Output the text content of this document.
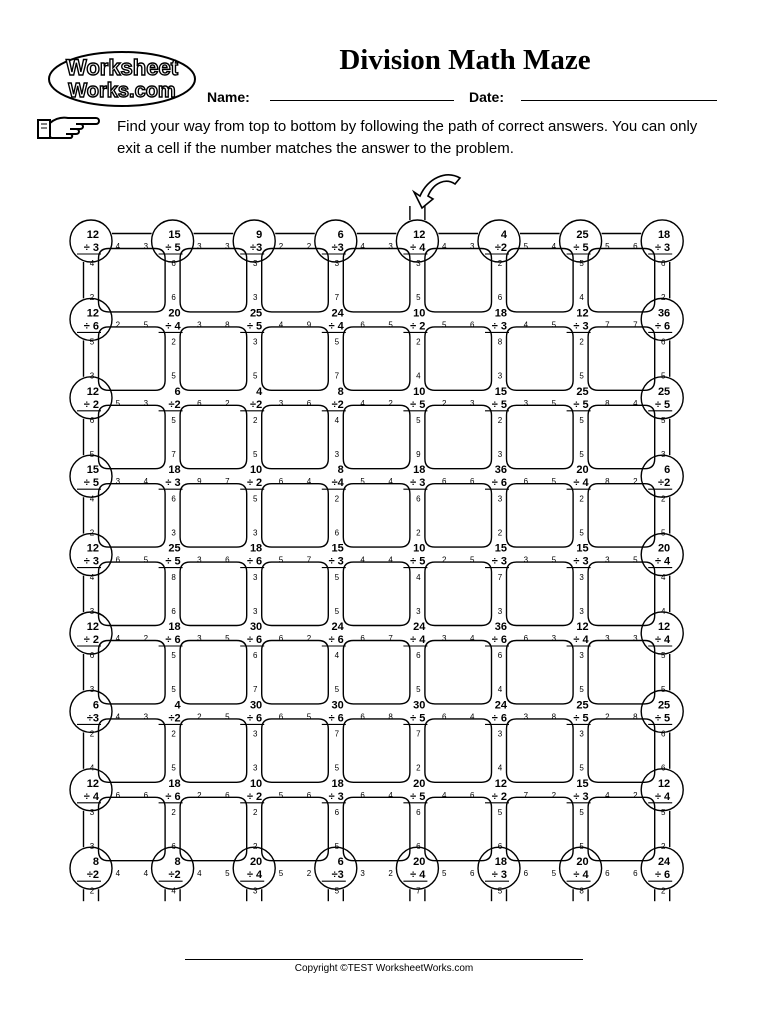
Worksheet
Works.com
Division Math Maze
Name:	Date:
Find your way from top to bottom by following the path of correct answers. You can only exit a cell if the number matches the answer to the problem.
12
÷ 3
15
÷ 5
9
÷3
6
÷3
12
÷ 4
4
÷2
25
÷ 5
18
÷ 3
12
÷ 6
20
÷ 4
25
÷ 5
24
÷ 4
10
÷ 2
18
÷ 3
12
÷ 3
36
÷ 6
12
÷ 2
6
÷2
4
÷2
8
÷2
10
÷ 5
15
÷ 5
25
÷ 5
25
÷ 5
15
÷ 5
18
÷ 3
10
÷ 2
8
÷4
18
÷ 3
36
÷ 6
20
÷ 4
6
÷2
12
÷ 3
25
÷ 5
18
÷ 6
15
÷ 3
10
÷ 5
15
÷ 3
15
÷ 3
20
÷ 4
12
÷ 2
18
÷ 6
30
÷ 6
24
÷ 6
24
÷ 4
36
÷ 6
12
÷ 4
12
÷ 4
6
÷3
4
÷2
30
÷ 6
30
÷ 6
30
÷ 5
24
÷ 6
25
÷ 5
25
÷ 5
12
÷ 4
18
÷ 6
10
÷ 2
18
÷ 3
20
÷ 5
12
÷ 2
15
÷ 3
12
÷ 4
8
÷2
8
÷2
20
÷ 4
6
÷3
20
÷ 4
18
÷ 3
20
÷ 4
24
÷ 6
4	3	3	3	2	2	4	3	4	3	5	4	5	6
2	5	3	8	4	9	6	5	5	6	4	5	7	7
5	3	6	2	3	6	4	2	2	3	3	5	8	4
3	4	9	7	6	4	5	4	6	6	6	5	8	2
6	5	3	6	5	7	4	4	2	5	3	5	3	5
4	2	3	5	6	2	6	7	3	4	6	3	3	3
4	3	2	5	6	5	6	8	6	4	3	8	2	8
6	6	2	6	5	6	6	4	4	6	7	2	4	2
4	4	4	5	5	2	3	2	5	6	6	5	6	6
4
2
6
6
3
3
3
7
3
5
2
6
5
4
6
2
5
3
2
5
3
5
5
7
2
4
8
3
2
5
6
5
6
5
5
7
2
5
4
3
5
9
2
3
5
5
5
3
4
2
6
3
5
3
2
6
6
2
3
2
2
5
2
5
4
3
8
6
3
3
5
5
4
3
7
3
3
3
4
4
6
3
5
5
6
7
4
5
6
5
6
4
3
5
5
5
2
4
2
5
3
3
7
5
7
2
3
4
3
5
6
6
3
3
2
6
2
2
6
5
6
6
5
6
5
5
5
2
2	4	3	5	7	5	8	2
Copyright ©TEST WorksheetWorks.com
